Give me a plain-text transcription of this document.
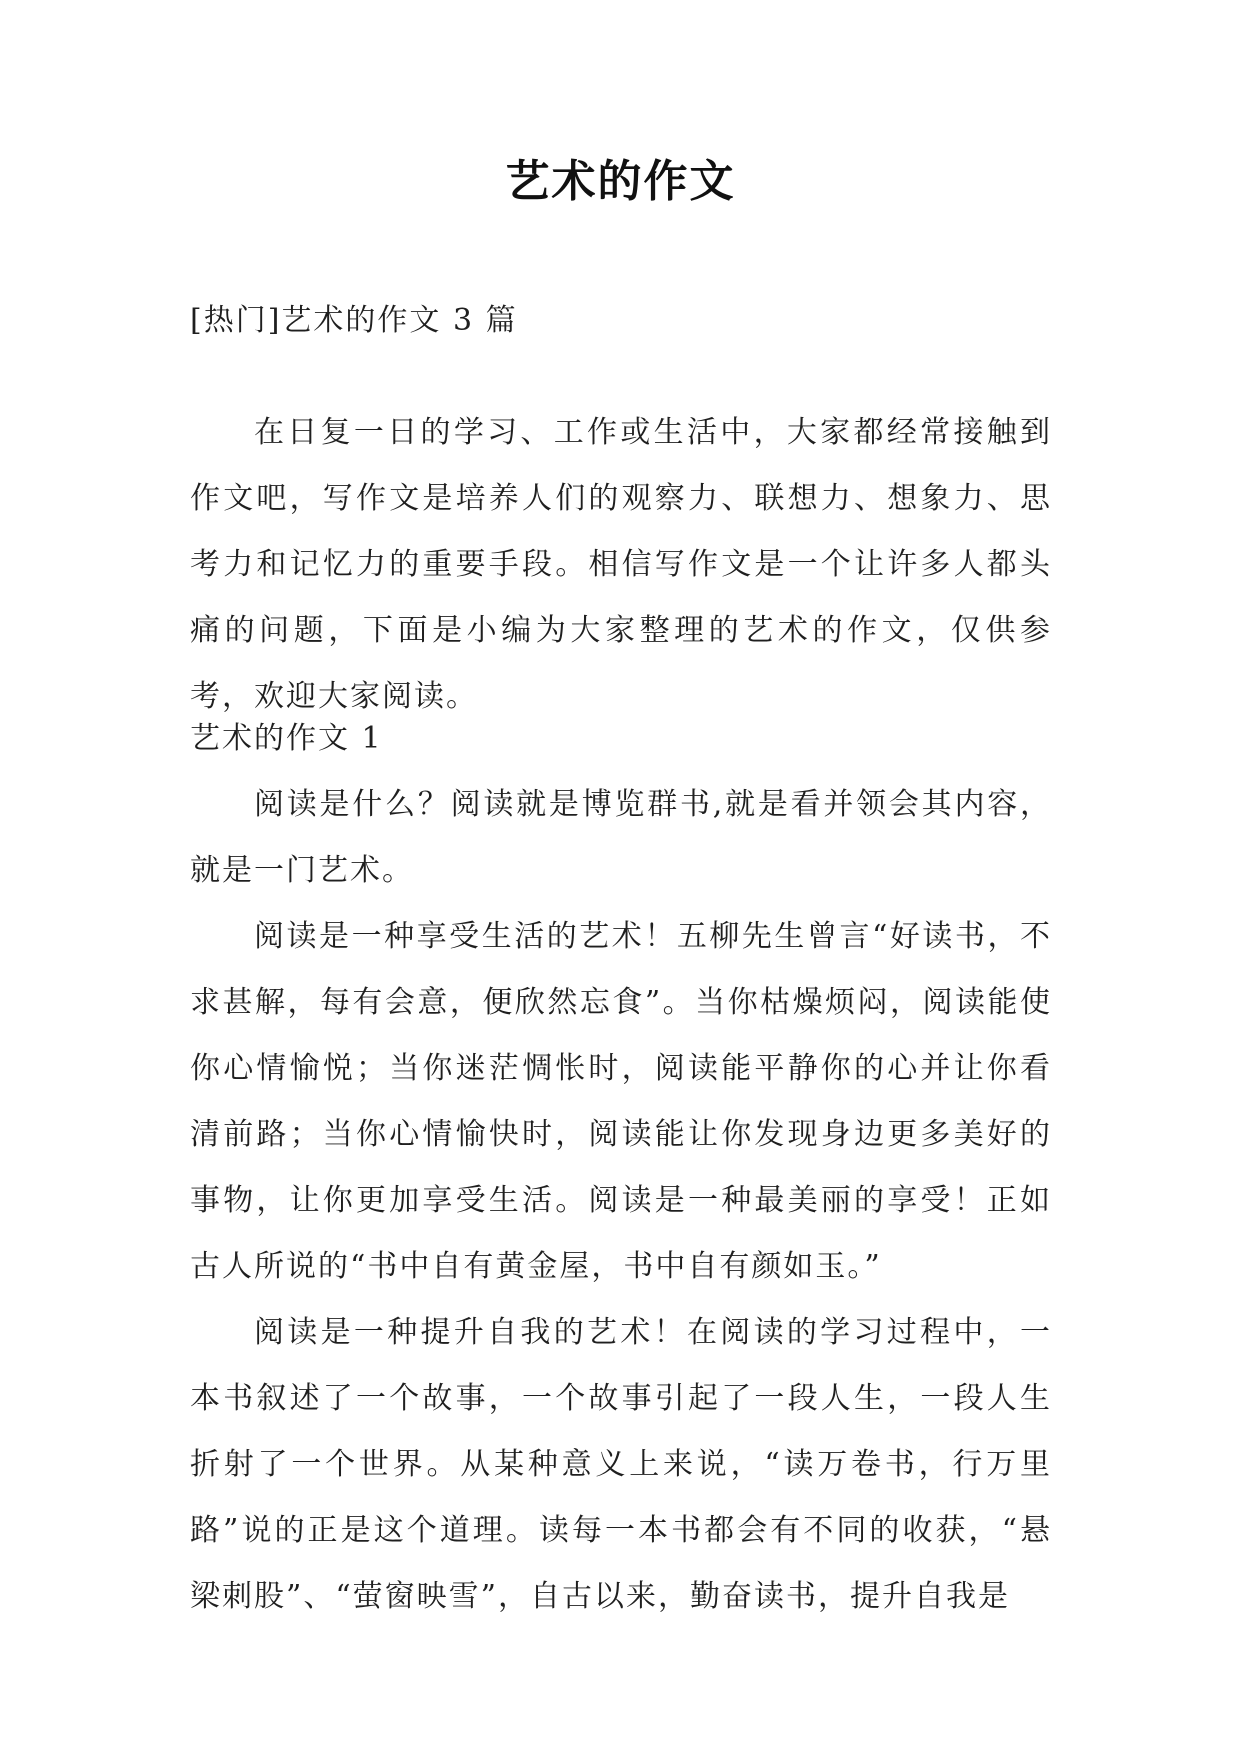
艺术的作文

[热门]艺术的作文 3 篇

在日复一日的学习、工作或生活中，大家都经常接触到作文吧，写作文是培养人们的观察力、联想力、想象力、思考力和记忆力的重要手段。相信写作文是一个让许多人都头痛的问题，下面是小编为大家整理的艺术的作文，仅供参考，欢迎大家阅读。

艺术的作文 1

阅读是什么？阅读就是博览群书,就是看并领会其内容，就是一门艺术。

阅读是一种享受生活的艺术！五柳先生曾言“好读书，不求甚解，每有会意，便欣然忘食”。当你枯燥烦闷，阅读能使你心情愉悦；当你迷茫惆怅时，阅读能平静你的心并让你看清前路；当你心情愉快时，阅读能让你发现身边更多美好的事物，让你更加享受生活。阅读是一种最美丽的享受！正如古人所说的“书中自有黄金屋，书中自有颜如玉。”

阅读是一种提升自我的艺术！在阅读的学习过程中，一本书叙述了一个故事，一个故事引起了一段人生，一段人生折射了一个世界。从某种意义上来说，“读万卷书，行万里路”说的正是这个道理。读每一本书都会有不同的收获，“悬梁刺股”、“萤窗映雪”，自古以来，勤奋读书，提升自我是
